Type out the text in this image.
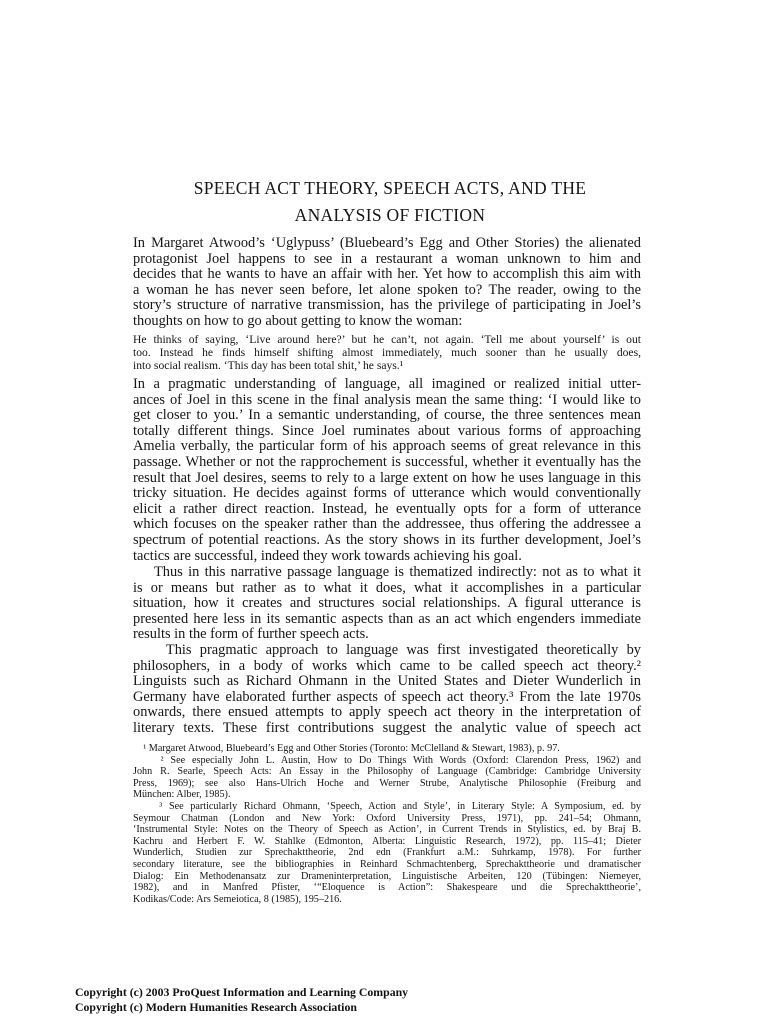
SPEECH ACT THEORY, SPEECH ACTS, AND THE
ANALYSIS OF FICTION
In Margaret Atwood’s ‘Uglypuss’ (Bluebeard’s Egg and Other Stories) the alienated
protagonist Joel happens to see in a restaurant a woman unknown to him and
decides that he wants to have an affair with her. Yet how to accomplish this aim with
a woman he has never seen before, let alone spoken to? The reader, owing to the
story’s structure of narrative transmission, has the privilege of participating in Joel’s
thoughts on how to go about getting to know the woman:
He thinks of saying, ‘Live around here?’ but he can’t, not again. ‘Tell me about yourself’ is out
too. Instead he finds himself shifting almost immediately, much sooner than he usually does,
into social realism. ‘This day has been total shit,’ he says.¹
In a pragmatic understanding of language, all imagined or realized initial utter-
ances of Joel in this scene in the final analysis mean the same thing: ‘I would like to
get closer to you.’ In a semantic understanding, of course, the three sentences mean
totally different things. Since Joel ruminates about various forms of approaching
Amelia verbally, the particular form of his approach seems of great relevance in this
passage. Whether or not the rapprochement is successful, whether it eventually has the
result that Joel desires, seems to rely to a large extent on how he uses language in this
tricky situation. He decides against forms of utterance which would conventionally
elicit a rather direct reaction. Instead, he eventually opts for a form of utterance
which focuses on the speaker rather than the addressee, thus offering the addressee a
spectrum of potential reactions. As the story shows in its further development, Joel’s
tactics are successful, indeed they work towards achieving his goal.
Thus in this narrative passage language is thematized indirectly: not as to what it
is or means but rather as to what it does, what it accomplishes in a particular
situation, how it creates and structures social relationships. A figural utterance is
presented here less in its semantic aspects than as an act which engenders immediate
results in the form of further speech acts.
This pragmatic approach to language was first investigated theoretically by
philosophers, in a body of works which came to be called speech act theory.²
Linguists such as Richard Ohmann in the United States and Dieter Wunderlich in
Germany have elaborated further aspects of speech act theory.³ From the late 1970s
onwards, there ensued attempts to apply speech act theory in the interpretation of
literary texts. These first contributions suggest the analytic value of speech act
¹ Margaret Atwood, Bluebeard’s Egg and Other Stories (Toronto: McClelland & Stewart, 1983), p. 97.
² See especially John L. Austin, How to Do Things With Words (Oxford: Clarendon Press, 1962) and
John R. Searle, Speech Acts: An Essay in the Philosophy of Language (Cambridge: Cambridge University
Press, 1969); see also Hans-Ulrich Hoche and Werner Strube, Analytische Philosophie (Freiburg and
München: Alber, 1985).
³ See particularly Richard Ohmann, ‘Speech, Action and Style’, in Literary Style: A Symposium, ed. by
Seymour Chatman (London and New York: Oxford University Press, 1971), pp. 241–54; Ohmann,
‘Instrumental Style: Notes on the Theory of Speech as Action’, in Current Trends in Stylistics, ed. by Braj B.
Kachru and Herbert F. W. Stahlke (Edmonton, Alberta: Linguistic Research, 1972), pp. 115–41; Dieter
Wunderlich, Studien zur Sprechakttheorie, 2nd edn (Frankfurt a.M.: Suhrkamp, 1978). For further
secondary literature, see the bibliographies in Reinhard Schmachtenberg, Sprechakttheorie und dramatischer
Dialog: Ein Methodenansatz zur Drameninterpretation, Linguistische Arbeiten, 120 (Tübingen: Niemeyer,
1982), and in Manfred Pfister, ‘“Eloquence is Action”: Shakespeare und die Sprechakttheorie’,
Kodikas/Code: Ars Semeiotica, 8 (1985), 195–216.
Copyright (c) 2003 ProQuest Information and Learning Company
Copyright (c) Modern Humanities Research Association
